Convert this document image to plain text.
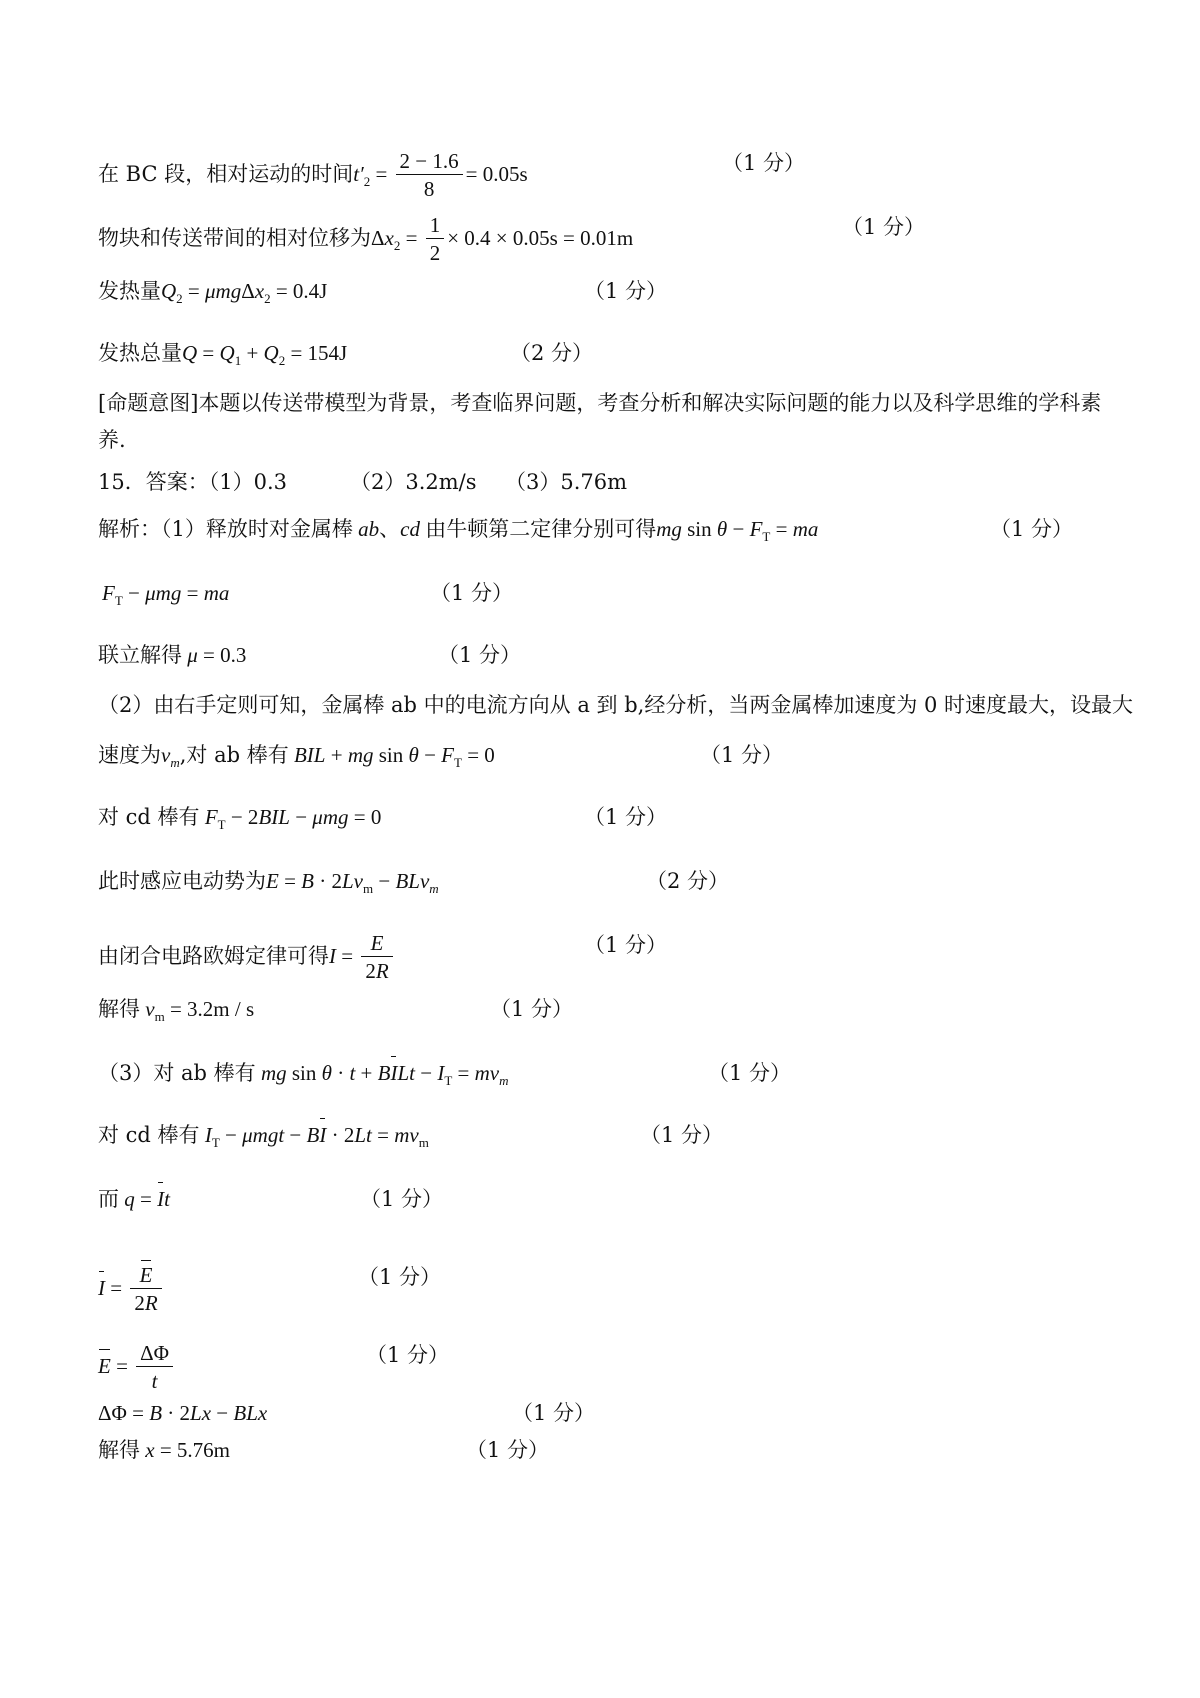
在 BC 段，相对运动的时间$t'_2 = \frac{2 - 1.6}{8} = 0.05s$	（1 分）
物块和传送带间的相对位移为$\Delta x_2 = \frac{1}{2} \times 0.4 \times 0.05s = 0.01m$	（1 分）
发热量$Q_2 = \mu mg\Delta x_2 = 0.4J$	（1 分）
发热总量$Q = Q_1 + Q_2 = 154J$	（2 分）
[命题意图]本题以传送带模型为背景，考查临界问题，考查分析和解决实际问题的能力以及科学思维的学科素
养.
15．答案：（1）0.3	（2）3.2m/s （3）5.76m
解析：（1）释放时对金属棒 ab、cd 由牛顿第二定律分别可得mg $\sin \theta - F_T$ = ma	（1 分）
$F_T - \mu mg$ = ma	（1 分）
联立解得 μ = 0.3	（1 分）
（2）由右手定则可知，金属棒 ab 中的电流方向从 a 到 b,经分析，当两金属棒加速度为 0 时速度最大，设最大
速度为$v_m$,对 ab 棒有 BIL + mg $\sin \theta - F_T = 0$	（1 分）
对 cd 棒有 $F_T - 2BIL - \mu mg = 0$	（1 分）
此时感应电动势为$E = B \cdot 2Lv_m - BLv_m$	（2 分）
由闭合电路欧姆定律可得$I = \frac{E}{2R}$	（1 分）
解得 $v_m = 3.2m / s$	（1 分）
（3）对 ab 棒有 mg sin θ · t + BILt − $I_T = mv_m$	（1 分）
对 cd 棒有 $I_T - \mu mgt$ − BI · $2Lt = mv_m$	（1 分）
而 q = It	（1 分）
$I = \frac{E}{2R}$	（1 分）
$E = \frac{\Delta\Phi}{t}$	（1 分）
ΔΦ = B · 2Lx − BLx	（1 分）
解得 x = 5.76m	（1 分）
